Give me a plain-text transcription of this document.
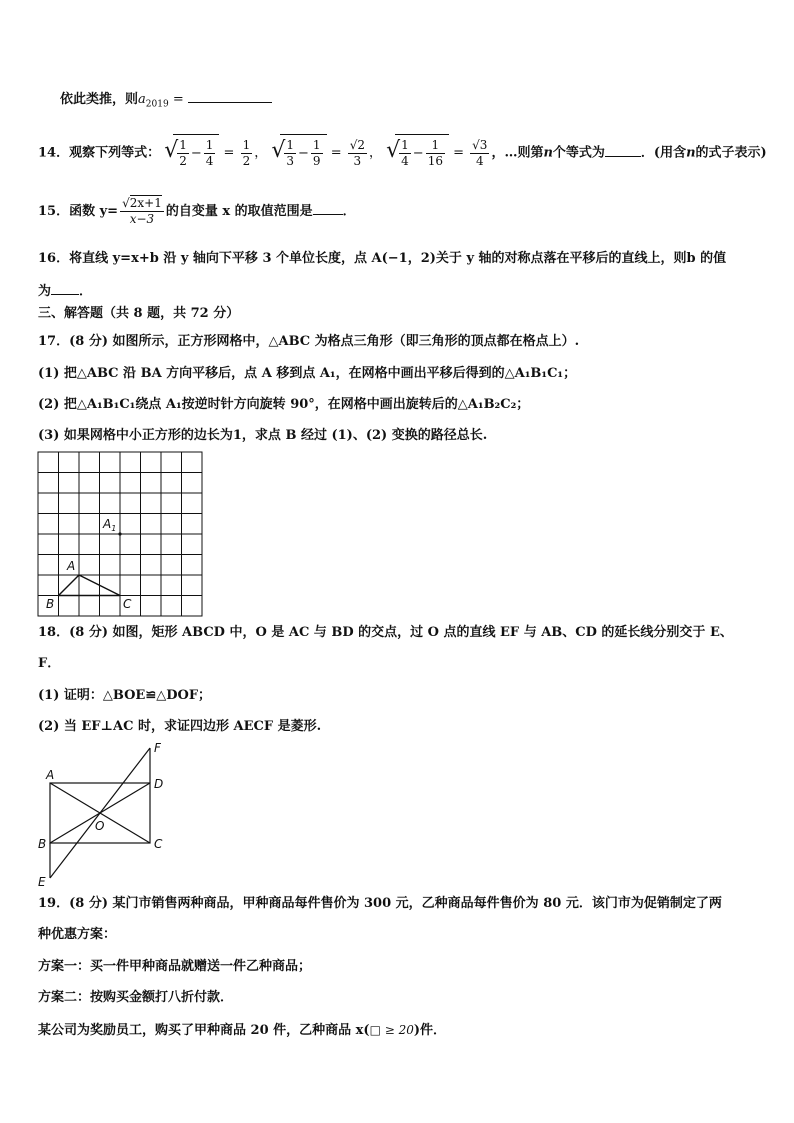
依此类推，则$a_{2019}$ =
14．观察下列等式： √
$\frac{1}{2} - \frac{1}{4} = \frac{1}{2}$ ， √
$\frac{1}{3} - \frac{1}{9} = \frac{√2}{3}$ ， √
$\frac{1}{4} - \frac{1}{16} = \frac{√3}{4}$ ，…则第n个等式为	．(用含n的式子表示)
15．函数 $y= \frac{√2x+1}{x-3}$ 的自变量 x 的取值范围是 ．
16．将直线 y=x+b 沿 y 轴向下平移 3 个单位长度，点 A(−1，2)关于 y 轴的对称点落在平移后的直线上，则b 的值
为 ．
三、解答题（共 8 题，共 72 分）
17．(8 分) 如图所示，正方形网格中，△ABC 为格点三角形（即三角形的顶点都在格点上）.
(1) 把△ABC 沿 BA 方向平移后，点 A 移到点 A₁，在网格中画出平移后得到的△A₁B₁C₁；
(2) 把△A₁B₁C₁绕点 A₁按逆时针方向旋转 90°，在网格中画出旋转后的△A₁B₂C₂；
(3) 如果网格中小正方形的边长为1，求点 B 经过 (1)、(2) 变换的路径总长.
$A_1$
A
B	C
18．(8 分) 如图，矩形 ABCD 中，O 是 AC 与 BD 的交点，过 O 点的直线 EF 与 AB、CD 的延长线分别交于 E、
F．
(1) 证明：△BOE≌△DOF；
(2) 当 EF⊥AC 时，求证四边形 AECF 是菱形.
A
B	C
D
E
F
O
19．(8 分) 某门市销售两种商品，甲种商品每件售价为 300 元，乙种商品每件售价为 80 元．该门市为促销制定了两
种优惠方案：
方案一：买一件甲种商品就赠送一件乙种商品；
方案二：按购买金额打八折付款．
某公司为奖励员工，购买了甲种商品 20 件，乙种商品 x(□ ≥ 20)件．
